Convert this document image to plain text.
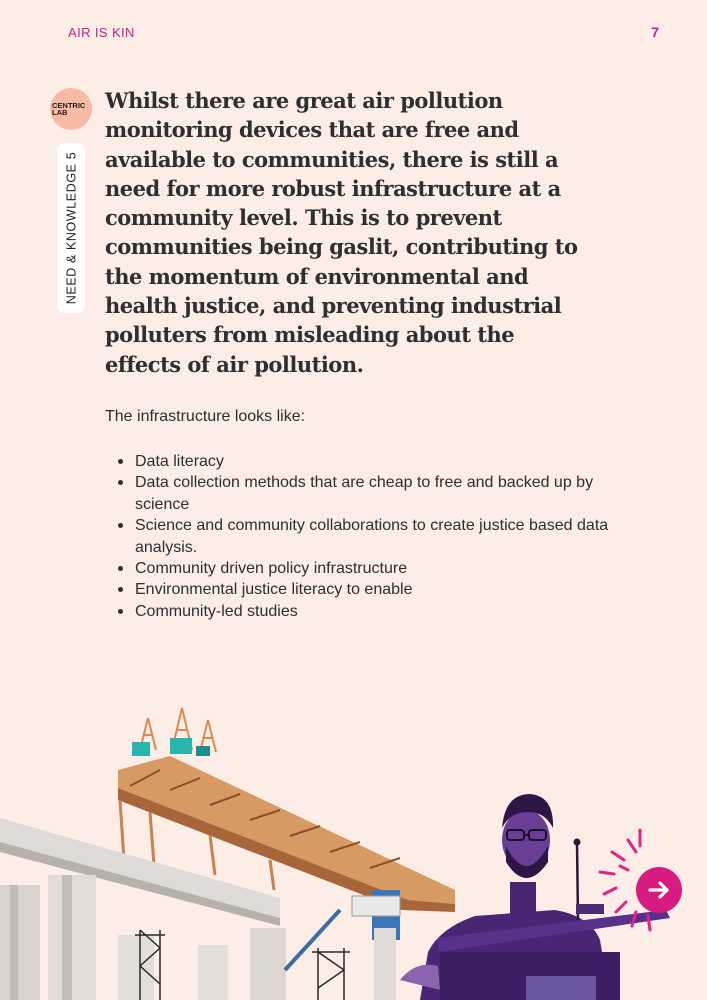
AIR IS KIN	7
CENTRIC
LAB
NEED & KNOWLEDGE 5
Whilst there are great air pollution monitoring devices that are free and available to communities, there is still a need for more robust infrastructure at a community level. This is to prevent communities being gaslit, contributing to the momentum of environmental and health justice, and preventing industrial polluters from misleading about the effects of air pollution.

The infrastructure looks like:

Data literacy
Data collection methods that are cheap to free and backed up by science
Science and community collaborations to create justice based data analysis.
Community driven policy infrastructure
Environmental justice literacy to enable
Community-led studies
